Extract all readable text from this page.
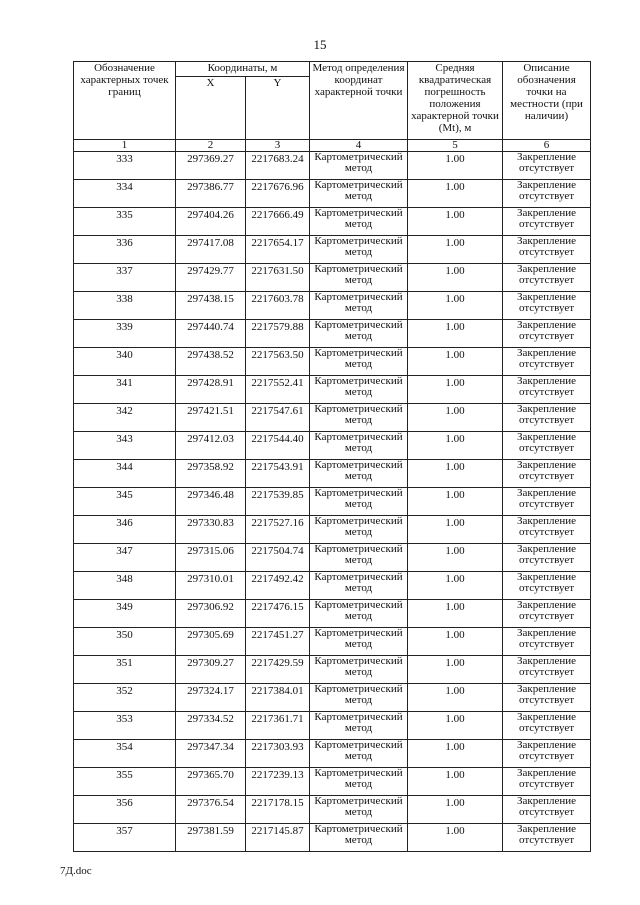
15
Обозначение характерных точек границ	Координаты, м		Метод определения координат характерной точки	Средняя квадратическая погрешность положения характерной точки (Mt), м	Описание обозначения точки на местности (при наличии)
	X	Y			
1	2	3	4	5	6
333	297369.27	2217683.24	Картометрический метод	1.00	Закрепление отсутствует
334	297386.77	2217676.96	Картометрический метод	1.00	Закрепление отсутствует
335	297404.26	2217666.49	Картометрический метод	1.00	Закрепление отсутствует
336	297417.08	2217654.17	Картометрический метод	1.00	Закрепление отсутствует
337	297429.77	2217631.50	Картометрический метод	1.00	Закрепление отсутствует
338	297438.15	2217603.78	Картометрический метод	1.00	Закрепление отсутствует
339	297440.74	2217579.88	Картометрический метод	1.00	Закрепление отсутствует
340	297438.52	2217563.50	Картометрический метод	1.00	Закрепление отсутствует
341	297428.91	2217552.41	Картометрический метод	1.00	Закрепление отсутствует
342	297421.51	2217547.61	Картометрический метод	1.00	Закрепление отсутствует
343	297412.03	2217544.40	Картометрический метод	1.00	Закрепление отсутствует
344	297358.92	2217543.91	Картометрический метод	1.00	Закрепление отсутствует
345	297346.48	2217539.85	Картометрический метод	1.00	Закрепление отсутствует
346	297330.83	2217527.16	Картометрический метод	1.00	Закрепление отсутствует
347	297315.06	2217504.74	Картометрический метод	1.00	Закрепление отсутствует
348	297310.01	2217492.42	Картометрический метод	1.00	Закрепление отсутствует
349	297306.92	2217476.15	Картометрический метод	1.00	Закрепление отсутствует
350	297305.69	2217451.27	Картометрический метод	1.00	Закрепление отсутствует
351	297309.27	2217429.59	Картометрический метод	1.00	Закрепление отсутствует
352	297324.17	2217384.01	Картометрический метод	1.00	Закрепление отсутствует
353	297334.52	2217361.71	Картометрический метод	1.00	Закрепление отсутствует
354	297347.34	2217303.93	Картометрический метод	1.00	Закрепление отсутствует
355	297365.70	2217239.13	Картометрический метод	1.00	Закрепление отсутствует
356	297376.54	2217178.15	Картометрический метод	1.00	Закрепление отсутствует
357	297381.59	2217145.87	Картометрический метод	1.00	Закрепление отсутствует
7Д.doc
